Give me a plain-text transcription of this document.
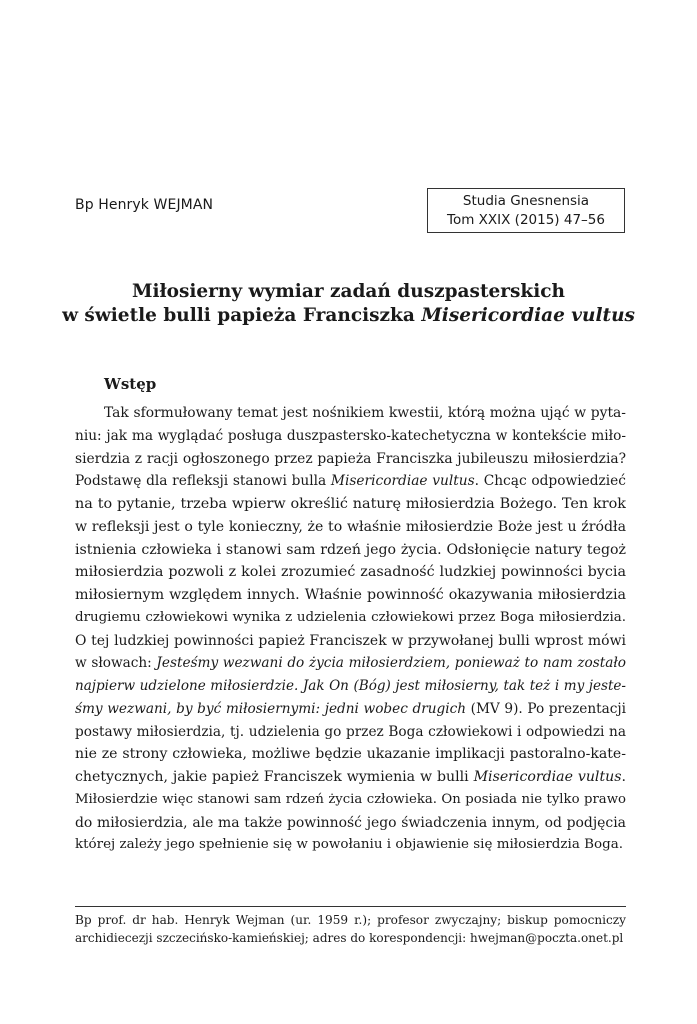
Bp Henryk WEJMAN	Studia Gnesnensia
Tom XXIX (2015) 47–56
Miłosierny wymiar zadań duszpasterskich
w świetle bulli papieża Franciszka Misericordiae vultus
Wstęp
Tak sformułowany temat jest nośnikiem kwestii, którą można ująć w pyta-
niu: jak ma wyglądać posługa duszpastersko-katechetyczna w kontekście miło-
sierdzia z racji ogłoszonego przez papieża Franciszka jubileuszu miłosierdzia?
Podstawę dla refleksji stanowi bulla Misericordiae vultus. Chcąc odpowiedzieć
na to pytanie, trzeba wpierw określić naturę miłosierdzia Bożego. Ten krok
w refleksji jest o tyle konieczny, że to właśnie miłosierdzie Boże jest u źródła
istnienia człowieka i stanowi sam rdzeń jego życia. Odsłonięcie natury tegoż
miłosierdzia pozwoli z kolei zrozumieć zasadność ludzkiej powinności bycia
miłosiernym względem innych. Właśnie powinność okazywania miłosierdzia
drugiemu człowiekowi wynika z udzielenia człowiekowi przez Boga miłosierdzia.
O tej ludzkiej powinności papież Franciszek w przywołanej bulli wprost mówi
w słowach: Jesteśmy wezwani do życia miłosierdziem, ponieważ to nam zostało
najpierw udzielone miłosierdzie. Jak On (Bóg) jest miłosierny, tak też i my jeste-
śmy wezwani, by być miłosiernymi: jedni wobec drugich (MV 9). Po prezentacji
postawy miłosierdzia, tj. udzielenia go przez Boga człowiekowi i odpowiedzi na
nie ze strony człowieka, możliwe będzie ukazanie implikacji pastoralno-kate-
chetycznych, jakie papież Franciszek wymienia w bulli Misericordiae vultus.
Miłosierdzie więc stanowi sam rdzeń życia człowieka. On posiada nie tylko prawo
do miłosierdzia, ale ma także powinność jego świadczenia innym, od podjęcia
której zależy jego spełnienie się w powołaniu i objawienie się miłosierdzia Boga.
Bp prof. dr hab. Henryk Wejman (ur. 1959 r.); profesor zwyczajny; biskup pomocniczy
archidiecezji szczecińsko-kamieńskiej; adres do korespondencji: hwejman@poczta.onet.pl
